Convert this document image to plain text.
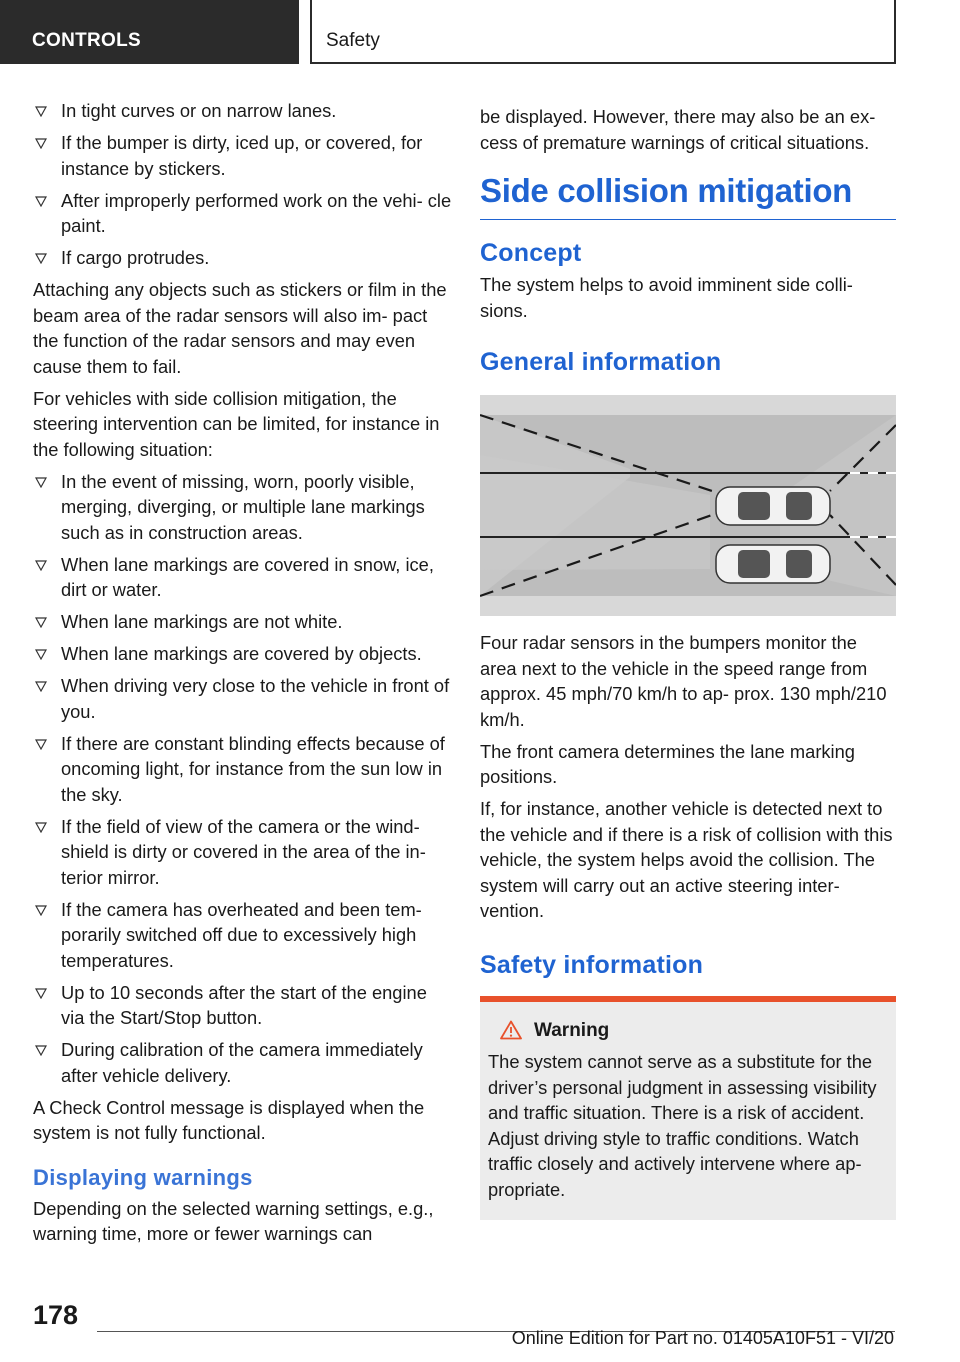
CONTROLS	Safety
In tight curves or on narrow lanes.
If the bumper is dirty, iced up, or covered, for instance by stickers.
After improperly performed work on the vehi‐ cle paint.
If cargo protrudes.

Attaching any objects such as stickers or film in the beam area of the radar sensors will also im‐ pact the function of the radar sensors and may even cause them to fail.

For vehicles with side collision mitigation, the steering intervention can be limited, for instance in the following situation:

In the event of missing, worn, poorly visible, merging, diverging, or multiple lane markings such as in construction areas.
When lane markings are covered in snow, ice, dirt or water.
When lane markings are not white.
When lane markings are covered by objects.
When driving very close to the vehicle in front of you.
If there are constant blinding effects because of oncoming light, for instance from the sun low in the sky.
If the field of view of the camera or the wind‐ shield is dirty or covered in the area of the in‐ terior mirror.
If the camera has overheated and been tem‐ porarily switched off due to excessively high temperatures.
Up to 10 seconds after the start of the engine via the Start/Stop button.
During calibration of the camera immediately after vehicle delivery.

A Check Control message is displayed when the system is not fully functional.

Displaying warnings

Depending on the selected warning settings, e.g., warning time, more or fewer warnings can

be displayed. However, there may also be an ex‐ cess of premature warnings of critical situations.

Side collision mitigation
Concept

The system helps to avoid imminent side colli‐ sions.

General information

Four radar sensors in the bumpers monitor the area next to the vehicle in the speed range from approx. 45 mph/70 km/h to ap‐ prox. 130 mph/210 km/h.

The front camera determines the lane marking positions.

If, for instance, another vehicle is detected next to the vehicle and if there is a risk of collision with this vehicle, the system helps avoid the collision. The system will carry out an active steering inter‐ vention.

Safety information
Warning

The system cannot serve as a substitute for the driver’s personal judgment in assessing visibility and traffic situation. There is a risk of accident. Adjust driving style to traffic conditions. Watch traffic closely and actively intervene where ap‐ propriate.

178
Online Edition for Part no. 01405A10F51 - VI/20
